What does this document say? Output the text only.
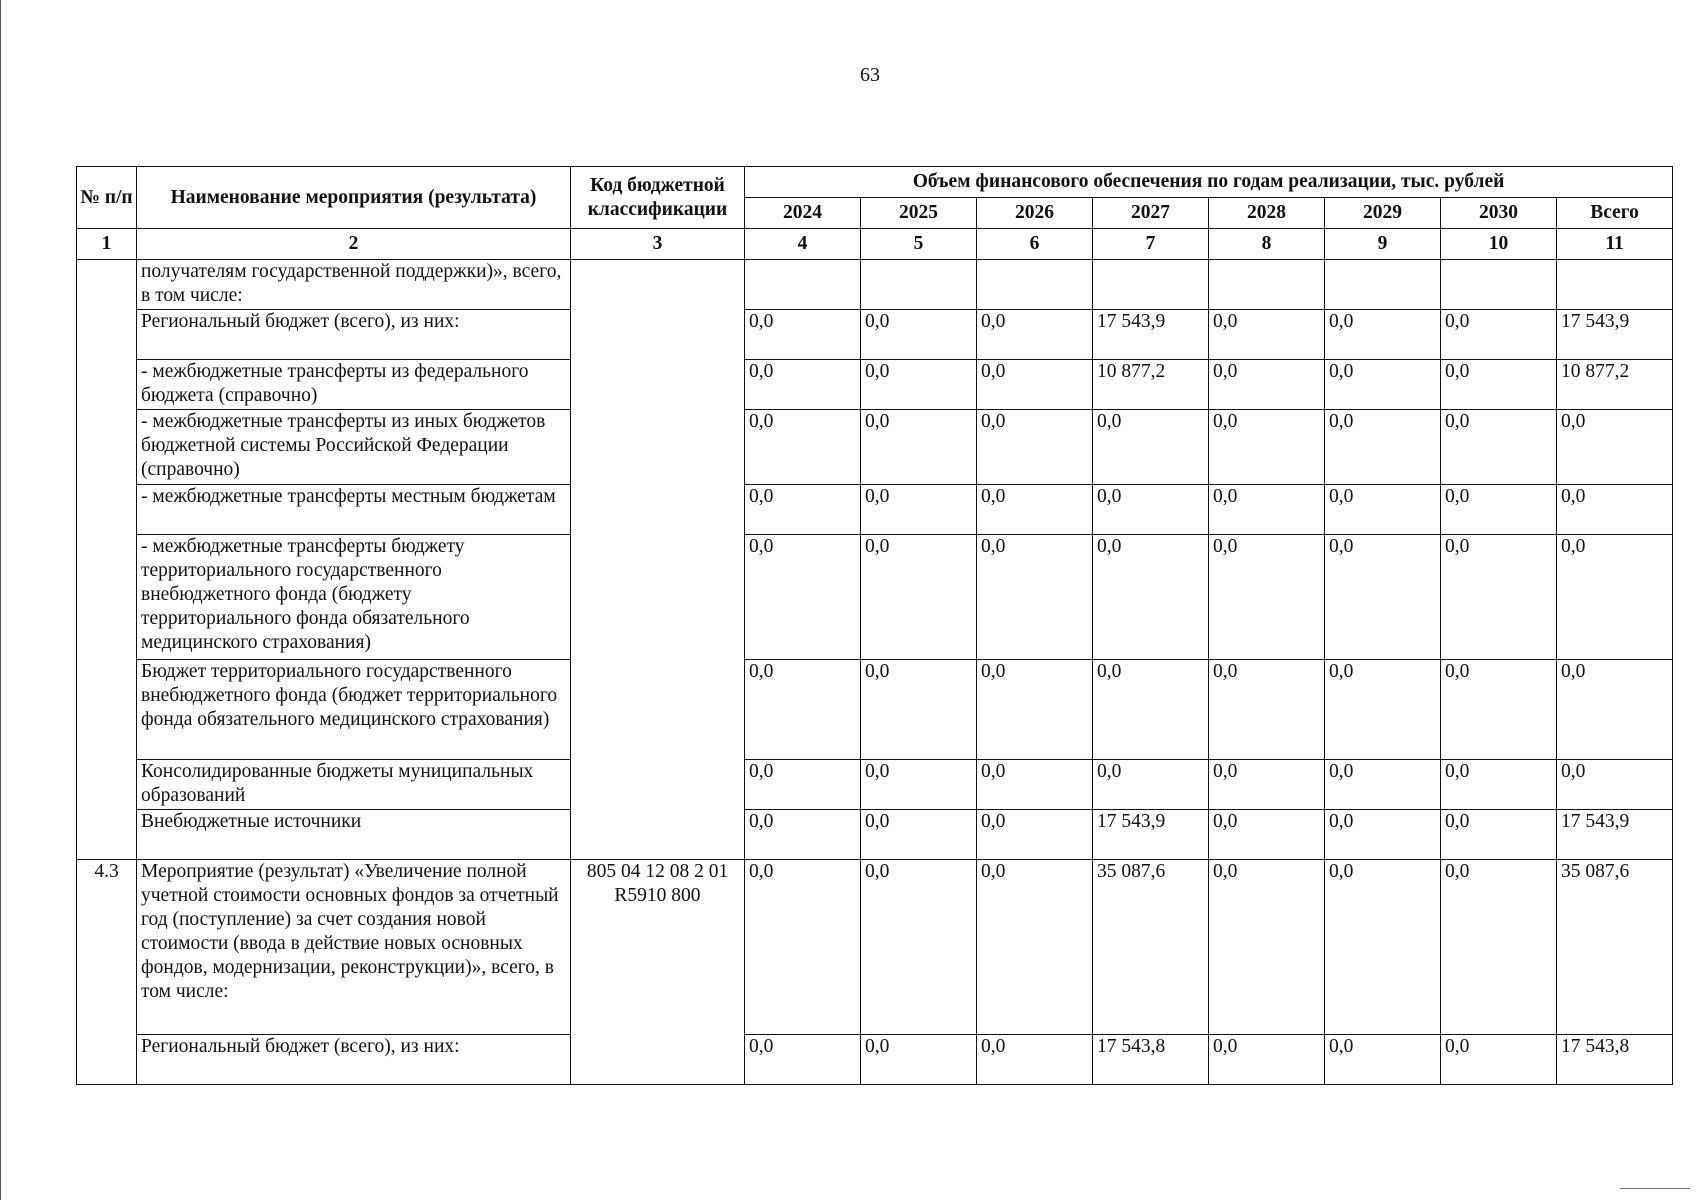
63
№ п/п	Наименование мероприятия (результата)	Код бюджетной классификации	Объем финансового обеспечения по годам реализации, тыс. рублей							
			2024	2025	2026	2027	2028	2029	2030	Всего
1	2	3	4	5	6	7	8	9	10	11
	получателям государственной поддержки)», всего, в том числе:									
	Региональный бюджет (всего), из них:		0,0	0,0	0,0	17 543,9	0,0	0,0	0,0	17 543,9
	- межбюджетные трансферты из федерального бюджета (справочно)		0,0	0,0	0,0	10 877,2	0,0	0,0	0,0	10 877,2
	- межбюджетные трансферты из иных бюджетов бюджетной системы Российской Федерации (справочно)		0,0	0,0	0,0	0,0	0,0	0,0	0,0	0,0
	- межбюджетные трансферты местным бюджетам		0,0	0,0	0,0	0,0	0,0	0,0	0,0	0,0
	- межбюджетные трансферты бюджету территориального государственного внебюджетного фонда (бюджету территориального фонда обязательного медицинского страхования)		0,0	0,0	0,0	0,0	0,0	0,0	0,0	0,0
	Бюджет территориального государственного внебюджетного фонда (бюджет территориального фонда обязательного медицинского страхования)		0,0	0,0	0,0	0,0	0,0	0,0	0,0	0,0
	Консолидированные бюджеты муниципальных образований		0,0	0,0	0,0	0,0	0,0	0,0	0,0	0,0
	Внебюджетные источники		0,0	0,0	0,0	17 543,9	0,0	0,0	0,0	17 543,9
4.3	Мероприятие (результат) «Увеличение полной учетной стоимости основных фондов за отчетный год (поступление) за счет создания новой стоимости (ввода в действие новых основных фондов, модернизации, реконструкции)», всего, в том числе:	805 04 12 08 2 01 R5910 800	0,0	0,0	0,0	35 087,6	0,0	0,0	0,0	35 087,6
	Региональный бюджет (всего), из них:		0,0	0,0	0,0	17 543,8	0,0	0,0	0,0	17 543,8
